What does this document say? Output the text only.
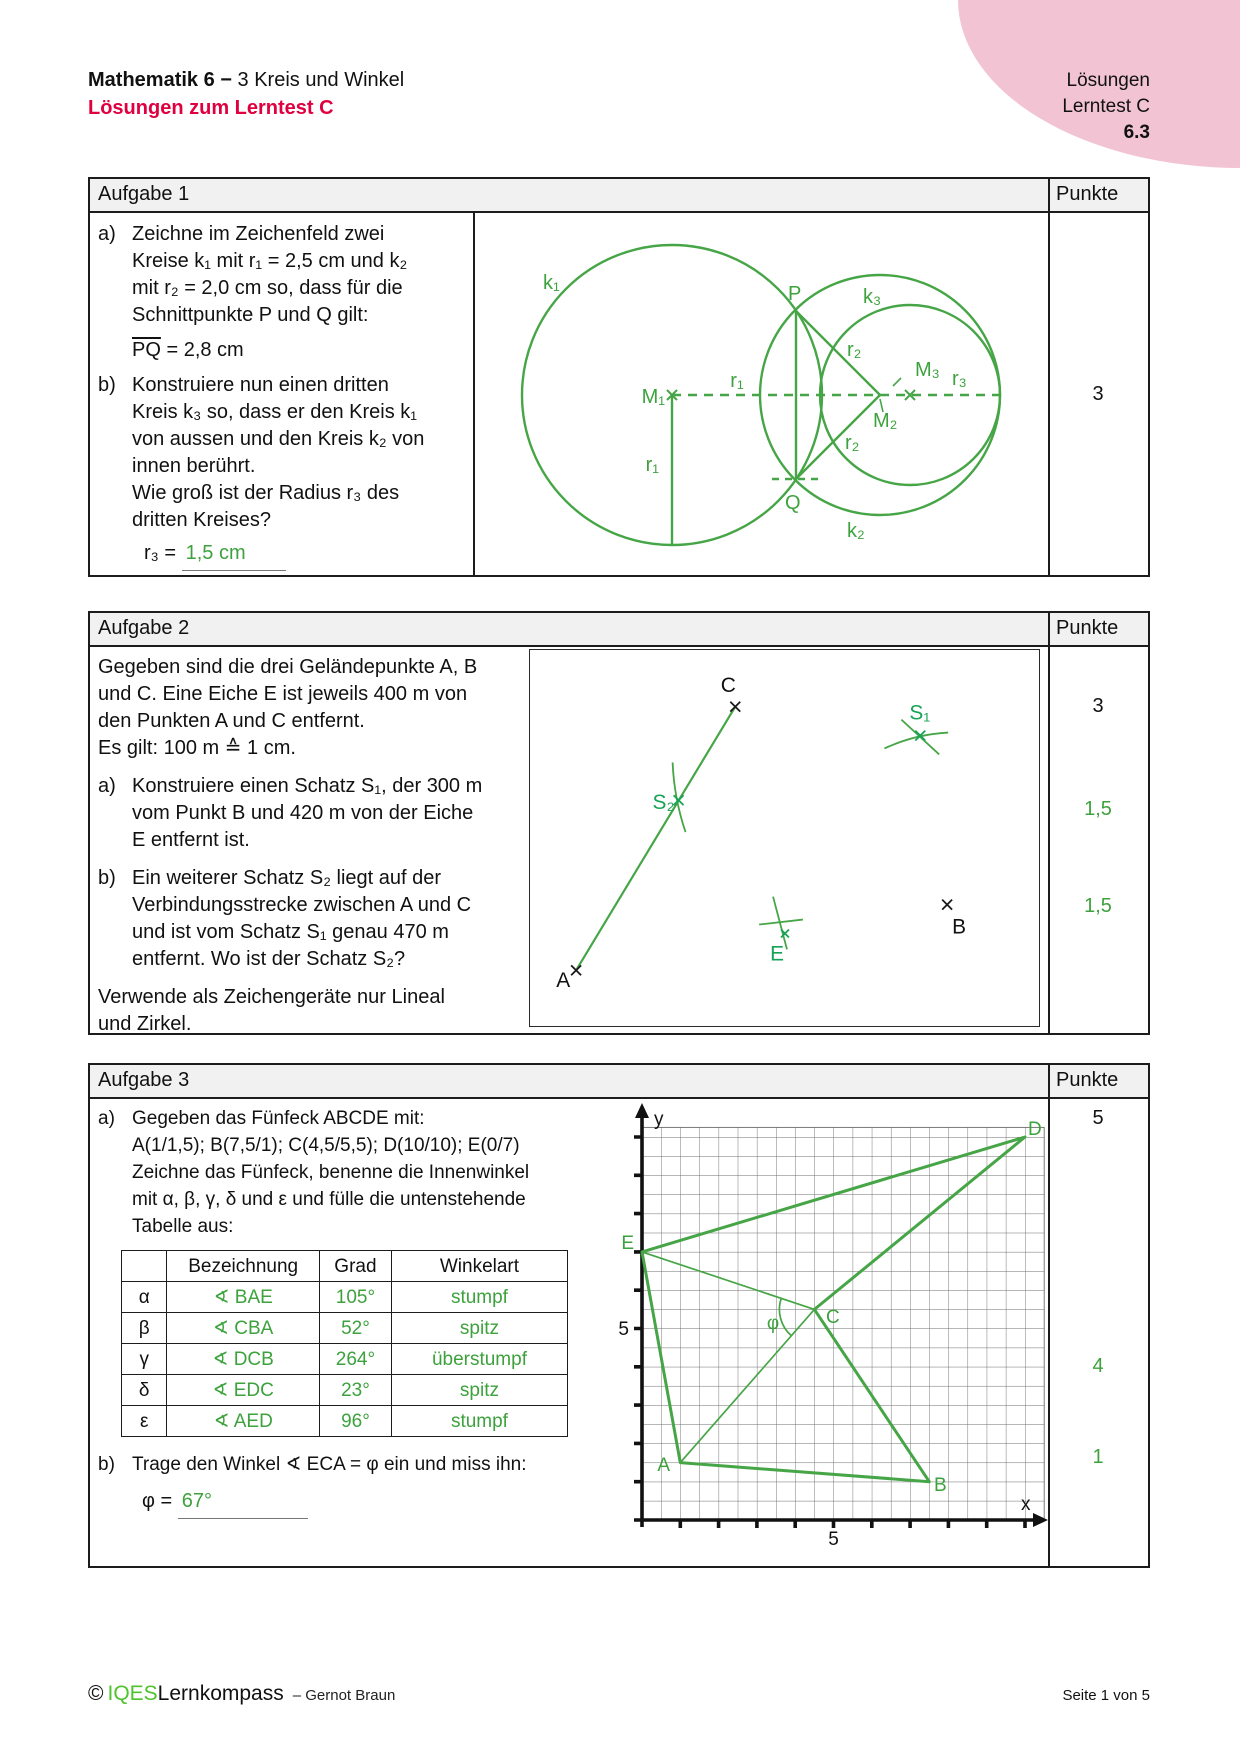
Mathematik 6 − 3 Kreis und Winkel
Lösungen zum Lerntest C
Lösungen
Lerntest C
6.3
Aufgabe 1	Punkte
a) Zeichne im Zeichenfeld zwei
Kreise k₁ mit r₁ = 2,5 cm und k₂
mit r₂ = 2,0 cm so, dass für die
Schnittpunkte P und Q gilt:
$\overline{PQ} = 2,8$ cm
b) Konstruiere nun einen dritten
Kreis k₃ so, dass er den Kreis k₁
von aussen und den Kreis k₂ von
innen berührt.
Wie groß ist der Radius r₃ des
dritten Kreises?
r₃ = 1,5 cm
k₁	P	k₃
r₂
M₃ r₃
M₁
r₁
M₂
r₂
r₁
Q
k₂
3
Aufgabe 2	Punkte
Gegeben sind die drei Geländepunkte A, B
und C. Eine Eiche E ist jeweils 400 m von
den Punkten A und C entfernt.
Es gilt: 100 m ≙ 1 cm.
a) Konstruiere einen Schatz S₁, der 300 m
vom Punkt B und 420 m von der Eiche
E entfernt ist.
b) Ein weiterer Schatz S₂ liegt auf der
Verbindungsstrecke zwischen A und C
und ist vom Schatz S₁ genau 470 m
entfernt. Wo ist der Schatz S₂?
Verwende als Zeichengeräte nur Lineal
und Zirkel.
C
A
B
S₁
S₂
E
3
1,5
1,5
Aufgabe 3	Punkte
a) Gegeben das Fünfeck ABCDE mit:
A(1/1,5); B(7,5/1); C(4,5/5,5); D(10/10); E(0/7)
Zeichne das Fünfeck, benenne die Innenwinkel
mit α, β, γ, δ und ε und fülle die untenstehende
Tabelle aus:
	Bezeichnung	Grad	Winkelart
α	∢ BAE	105°	stumpf
β	∢ CBA	52°	spitz
γ	∢ DCB	264°	überstumpf
δ	∢ EDC	23°	spitz
ε	∢ AED	96°	stumpf
b) Trage den Winkel ∢ ECA = φ ein und miss ihn:
φ = 67°
A
B
C
D
E
φ
5
5
y
x
5
4
1
© IQES Lernkompass – Gernot Braun	Seite 1 von 5
